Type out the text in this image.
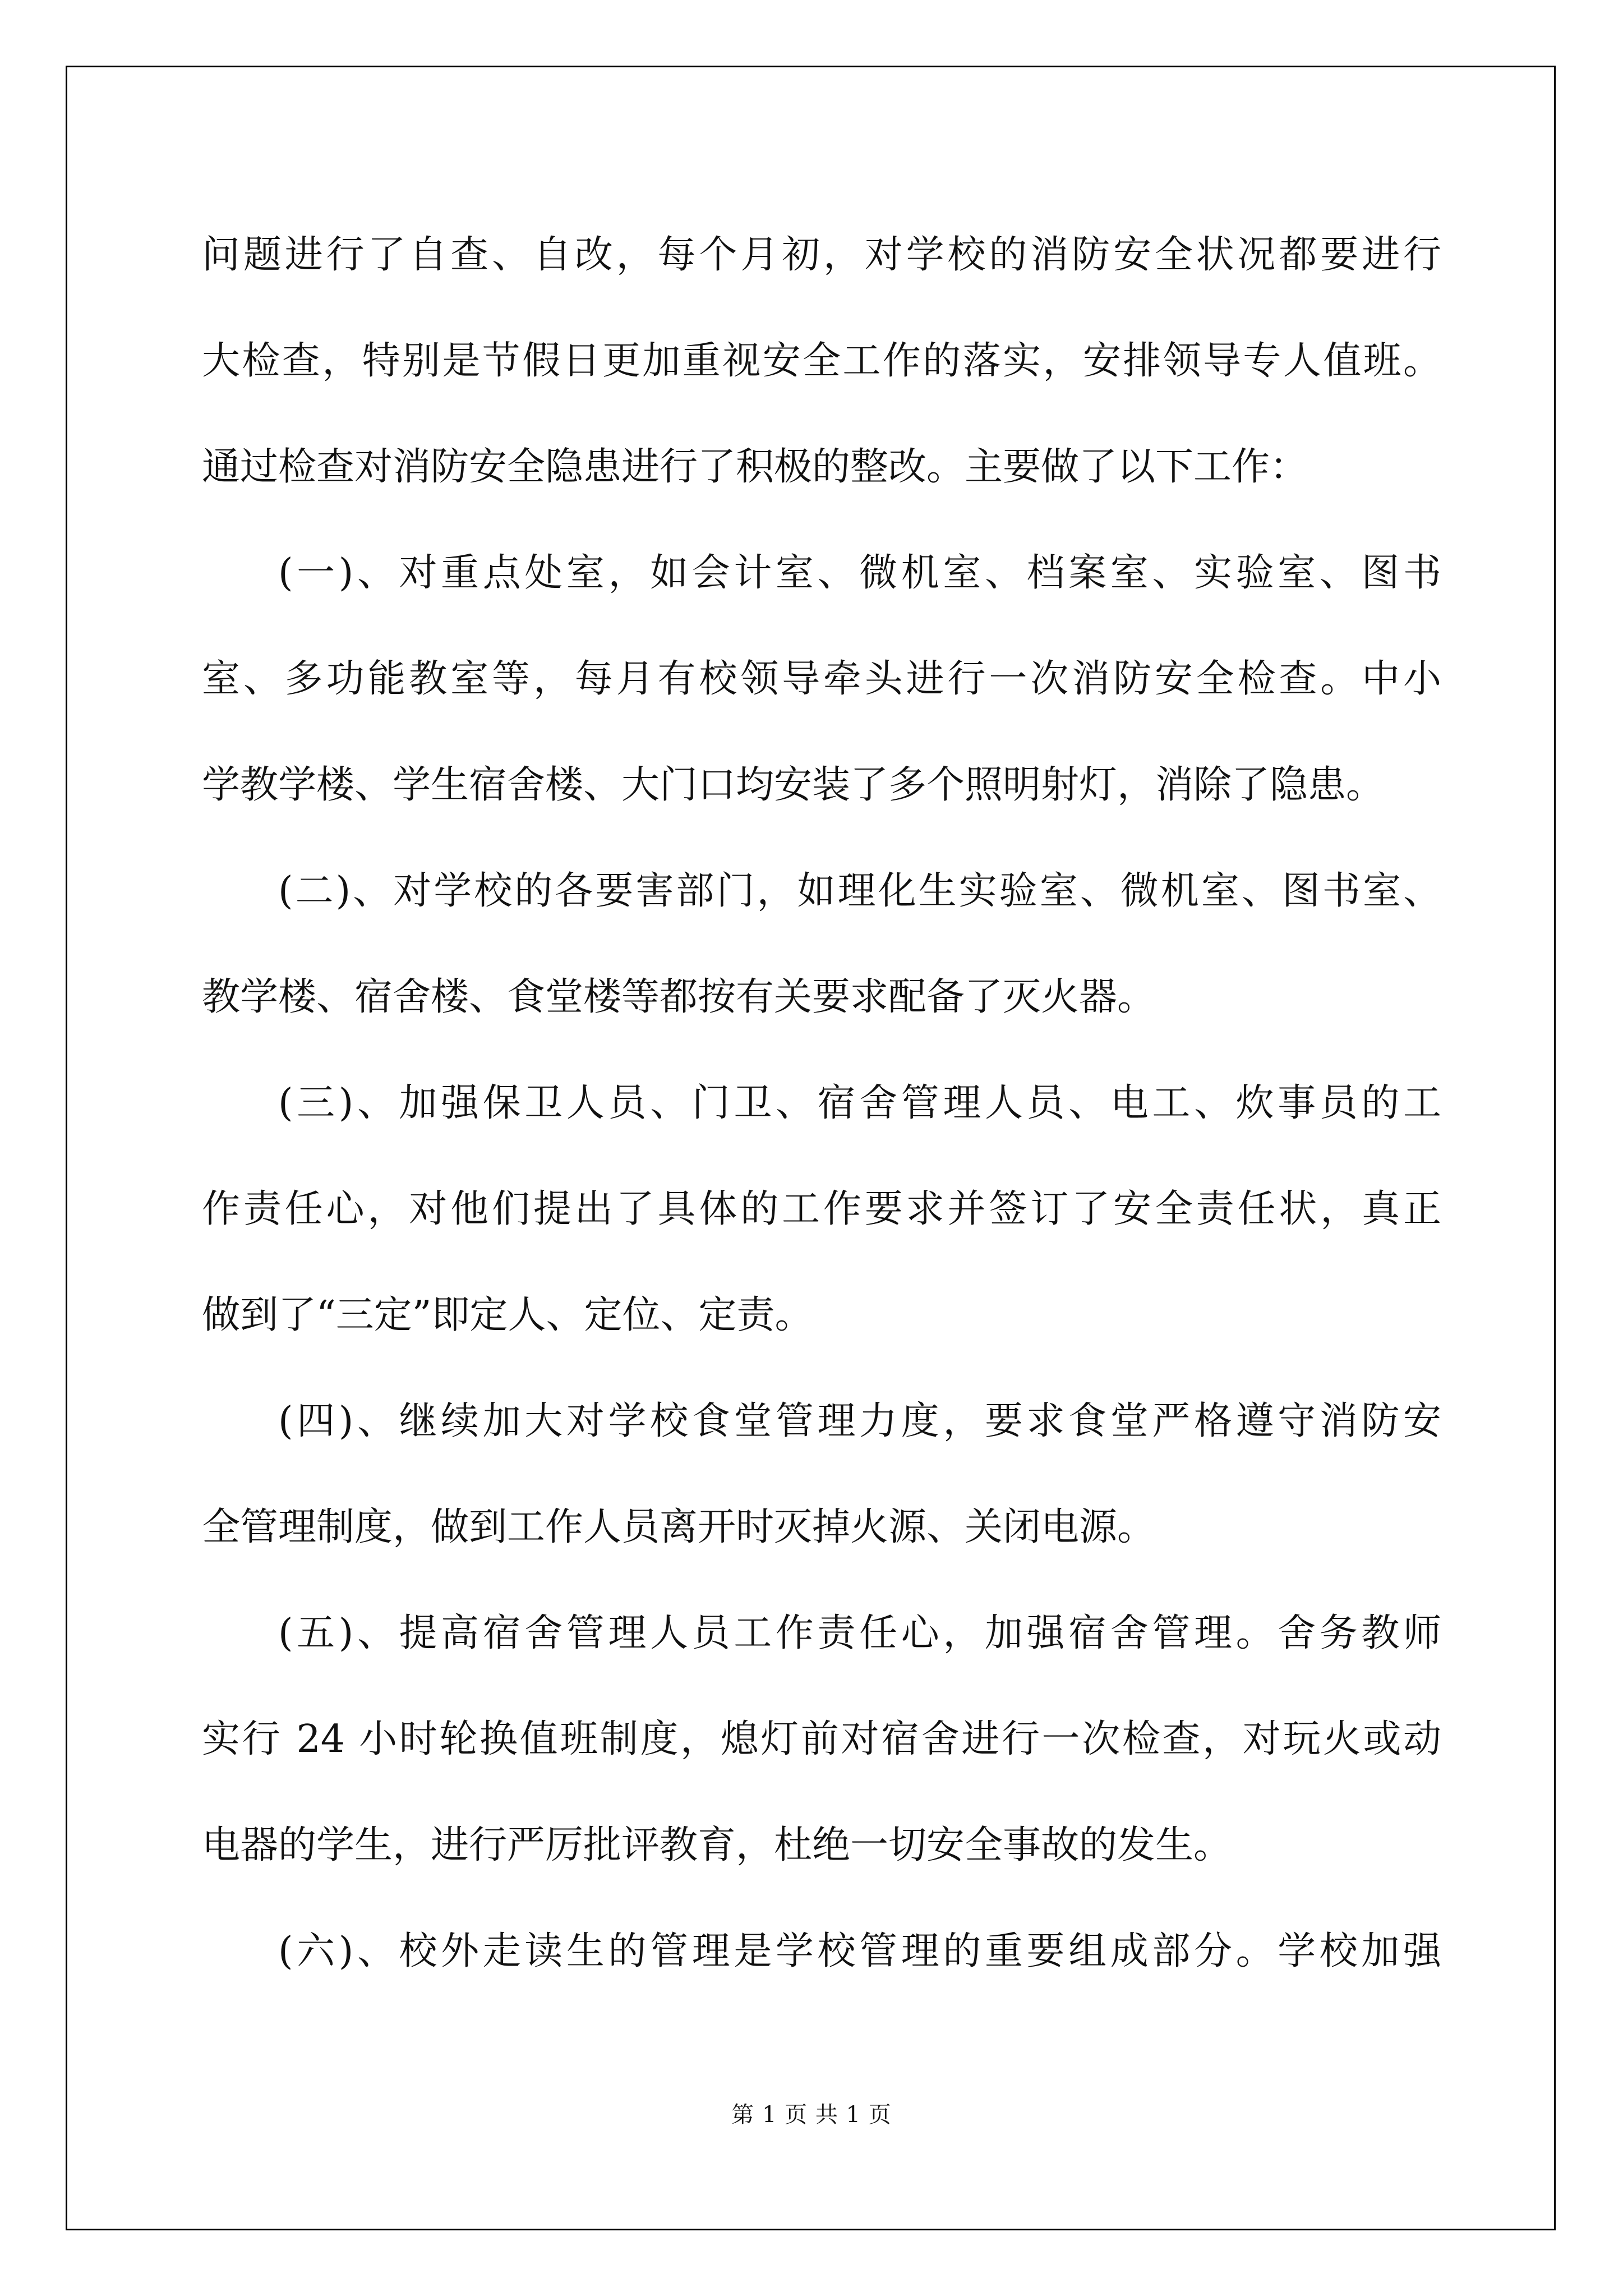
问题进行了自查、自改，每个月初，对学校的消防安全状况都要进行
大检查，特别是节假日更加重视安全工作的落实，安排领导专人值班。
通过检查对消防安全隐患进行了积极的整改。主要做了以下工作：
(一)、对重点处室，如会计室、微机室、档案室、实验室、图书
室、多功能教室等，每月有校领导牵头进行一次消防安全检查。中小
学教学楼、学生宿舍楼、大门口均安装了多个照明射灯，消除了隐患。
(二)、对学校的各要害部门，如理化生实验室、微机室、图书室、
教学楼、宿舍楼、食堂楼等都按有关要求配备了灭火器。
(三)、加强保卫人员、门卫、宿舍管理人员、电工、炊事员的工
作责任心，对他们提出了具体的工作要求并签订了安全责任状，真正
做到了“三定”即定人、定位、定责。
(四)、继续加大对学校食堂管理力度，要求食堂严格遵守消防安
全管理制度，做到工作人员离开时灭掉火源、关闭电源。
(五)、提高宿舍管理人员工作责任心，加强宿舍管理。舍务教师
实行 24 小时轮换值班制度，熄灯前对宿舍进行一次检查，对玩火或动
电器的学生，进行严厉批评教育，杜绝一切安全事故的发生。
(六)、校外走读生的管理是学校管理的重要组成部分。学校加强
第 1 页 共 1 页
